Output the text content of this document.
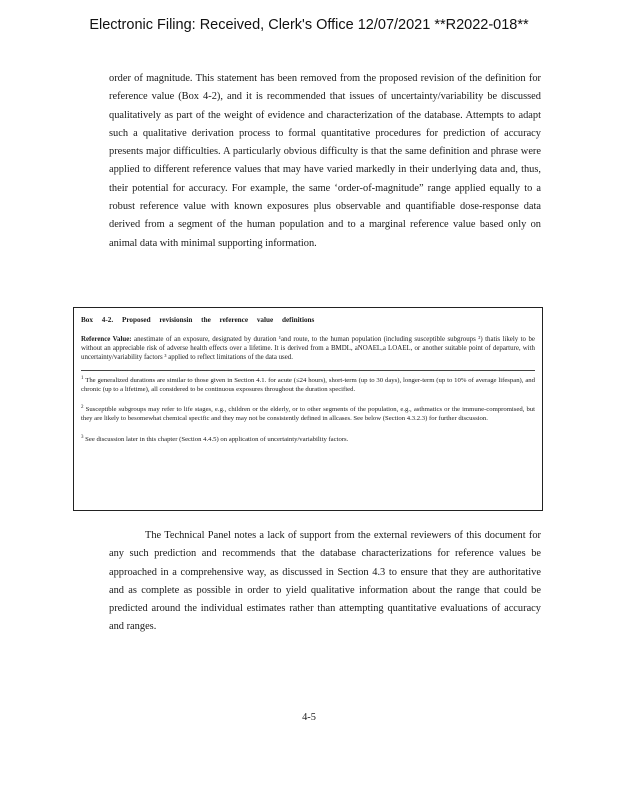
Electronic Filing: Received, Clerk's Office 12/07/2021 **R2022-018**

order of magnitude. This statement has been removed from the proposed revision of the definition for reference value (Box 4-2), and it is recommended that issues of uncertainty/variability be discussed qualitatively as part of the weight of evidence and characterization of the database. Attempts to adapt such a qualitative derivation process to formal quantitative procedures for prediction of accuracy presents major difficulties. A particularly obvious difficulty is that the same definition and phrase were applied to different reference values that may have varied markedly in their underlying data and, thus, their potential for accuracy. For example, the same ‘order-of-magnitude” range applied equally to a robust reference value with known exposures plus observable and quantifiable dose-response data derived from a segment of the human population and to a marginal reference value based only on animal data with minimal supporting information.

Box 4-2. Proposed revisionsin the reference value definitions

Reference Value: anestimate of an exposure, designated by duration ¹and route, to the human population (including susceptible subgroups ²) thatis likely to be without an appreciable risk of adverse health effects over a lifetime. It is derived from a BMDL, aNOAEL,a LOAEL, or another suitable point of departure, with uncertainty/variability factors ³ applied to reflect limitations of the data used.

$^1$ The generalized durations are similar to those given in Section 4.1. for acute (≤24 hours), short-term (up to 30 days), longer-term (up to 10% of average lifespan), and chronic (up to a lifetime), all considered to be continuous exposures throughout the duration specified.

$^2$ Susceptible subgroups may refer to life stages, e.g., children or the elderly, or to other segments of the population, e.g., asthmatics or the immune-compromised, but they are likely to besomewhat chemical specific and they may not be consistently defined in allcases. See below (Section 4.3.2.3) for further discussion.

$^3$ See discussion later in this chapter (Section 4.4.5) on application of uncertainty/variability factors.

The Technical Panel notes a lack of support from the external reviewers of this document for any such prediction and recommends that the database characterizations for reference values be approached in a comprehensive way, as discussed in Section 4.3 to ensure that they are authoritative and as complete as possible in order to yield qualitative information about the range that could be predicted around the individual estimates rather than attempting quantitative evaluations of accuracy and ranges.

4-5
